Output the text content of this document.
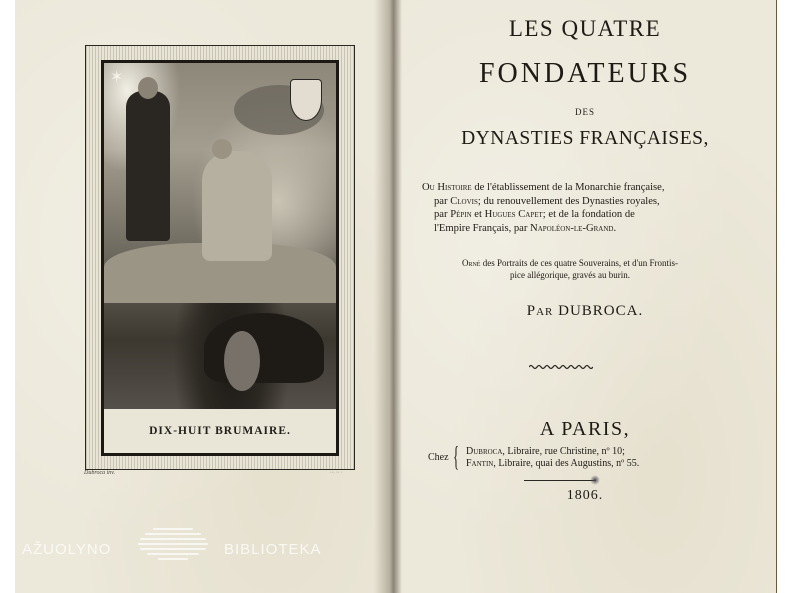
✶
DIX-HUIT BRUMAIRE.
Dubroca inv.	··· ·· ·
AŽUOLYNO	BIBLIOTEKA
LES QUATRE
FONDATEURS
DES
DYNASTIES FRANÇAISES,
Ou Histoire de l'établissement de la Monarchie française,
par Clovis; du renouvellement des Dynasties royales,
par Pépin et Hugues Capet; et de la fondation de
l'Empire Français, par Napoléon-le-Grand.
Orné des Portraits de ces quatre Souverains, et d'un Frontis-
pice allégorique, gravés au burin.
Par DUBROCA.
A PARIS,
Chez { Dubroca, Libraire, rue Christine, nº 10;
Fantin, Libraire, quai des Augustins, nº 55.
1806.
